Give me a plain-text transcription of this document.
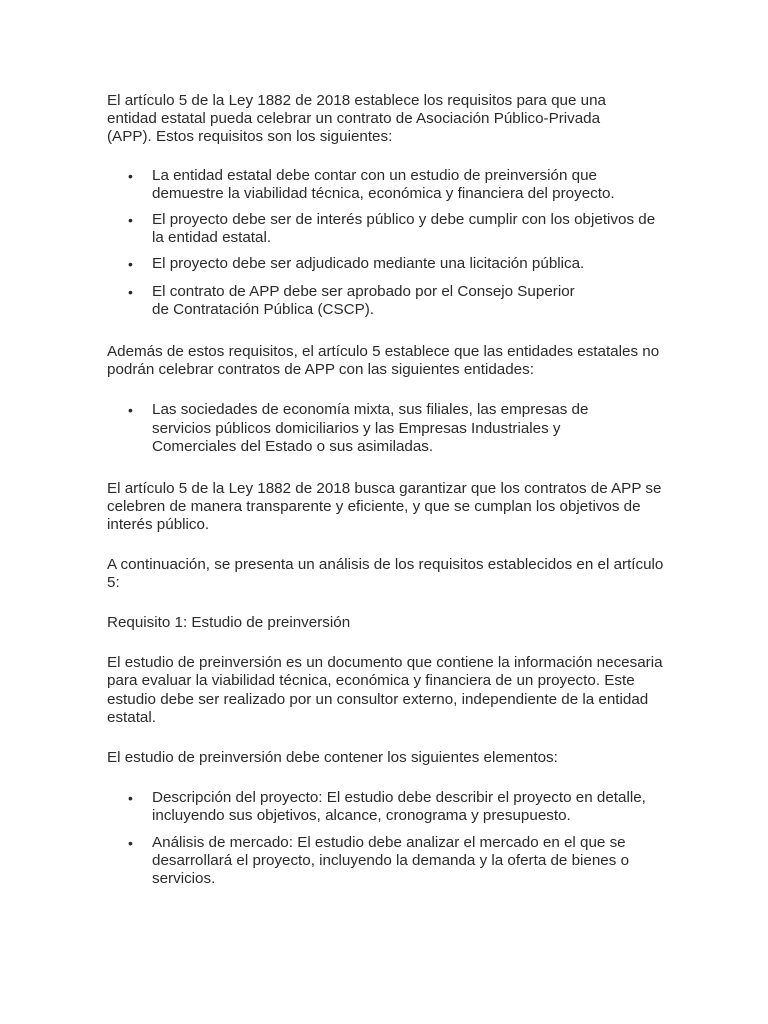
El artículo 5 de la Ley 1882 de 2018 establece los requisitos para que una entidad estatal pueda celebrar un contrato de Asociación Público-Privada (APP). Estos requisitos son los siguientes:

• La entidad estatal debe contar con un estudio de preinversión que demuestre la viabilidad técnica, económica y financiera del proyecto.
• El proyecto debe ser de interés público y debe cumplir con los objetivos de la entidad estatal.
• El proyecto debe ser adjudicado mediante una licitación pública.
• El contrato de APP debe ser aprobado por el Consejo Superior de Contratación Pública (CSCP).

Además de estos requisitos, el artículo 5 establece que las entidades estatales no podrán celebrar contratos de APP con las siguientes entidades:

• Las sociedades de economía mixta, sus filiales, las empresas de servicios públicos domiciliarios y las Empresas Industriales y Comerciales del Estado o sus asimiladas.

El artículo 5 de la Ley 1882 de 2018 busca garantizar que los contratos de APP se celebren de manera transparente y eficiente, y que se cumplan los objetivos de interés público.

A continuación, se presenta un análisis de los requisitos establecidos en el artículo 5:

Requisito 1: Estudio de preinversión

El estudio de preinversión es un documento que contiene la información necesaria para evaluar la viabilidad técnica, económica y financiera de un proyecto. Este estudio debe ser realizado por un consultor externo, independiente de la entidad estatal.

El estudio de preinversión debe contener los siguientes elementos:

• Descripción del proyecto: El estudio debe describir el proyecto en detalle, incluyendo sus objetivos, alcance, cronograma y presupuesto.
• Análisis de mercado: El estudio debe analizar el mercado en el que se desarrollará el proyecto, incluyendo la demanda y la oferta de bienes o servicios.
